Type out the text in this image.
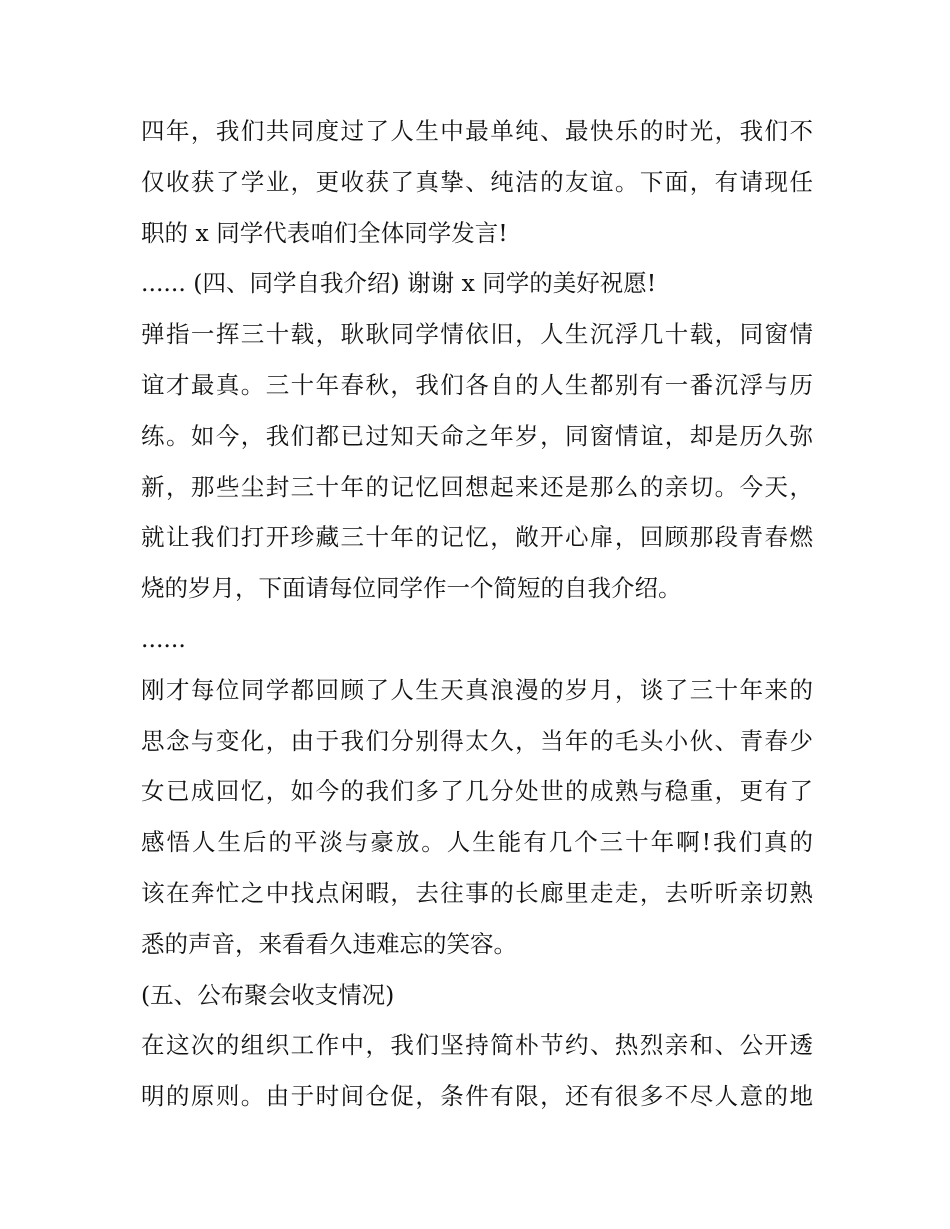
四年，我们共同度过了人生中最单纯、最快乐的时光，我们不
仅收获了学业，更收获了真挚、纯洁的友谊。下面，有请现任
职的 x 同学代表咱们全体同学发言!
...... (四、同学自我介绍) 谢谢 x 同学的美好祝愿!
弹指一挥三十载，耿耿同学情依旧，人生沉浮几十载，同窗情
谊才最真。三十年春秋，我们各自的人生都别有一番沉浮与历
练。如今，我们都已过知天命之年岁，同窗情谊，却是历久弥
新，那些尘封三十年的记忆回想起来还是那么的亲切。今天，
就让我们打开珍藏三十年的记忆，敞开心扉，回顾那段青春燃
烧的岁月，下面请每位同学作一个简短的自我介绍。
......
刚才每位同学都回顾了人生天真浪漫的岁月，谈了三十年来的
思念与变化，由于我们分别得太久，当年的毛头小伙、青春少
女已成回忆，如今的我们多了几分处世的成熟与稳重，更有了
感悟人生后的平淡与豪放。人生能有几个三十年啊!我们真的
该在奔忙之中找点闲暇，去往事的长廊里走走，去听听亲切熟
悉的声音，来看看久违难忘的笑容。
(五、公布聚会收支情况)
在这次的组织工作中，我们坚持简朴节约、热烈亲和、公开透
明的原则。由于时间仓促，条件有限，还有很多不尽人意的地
